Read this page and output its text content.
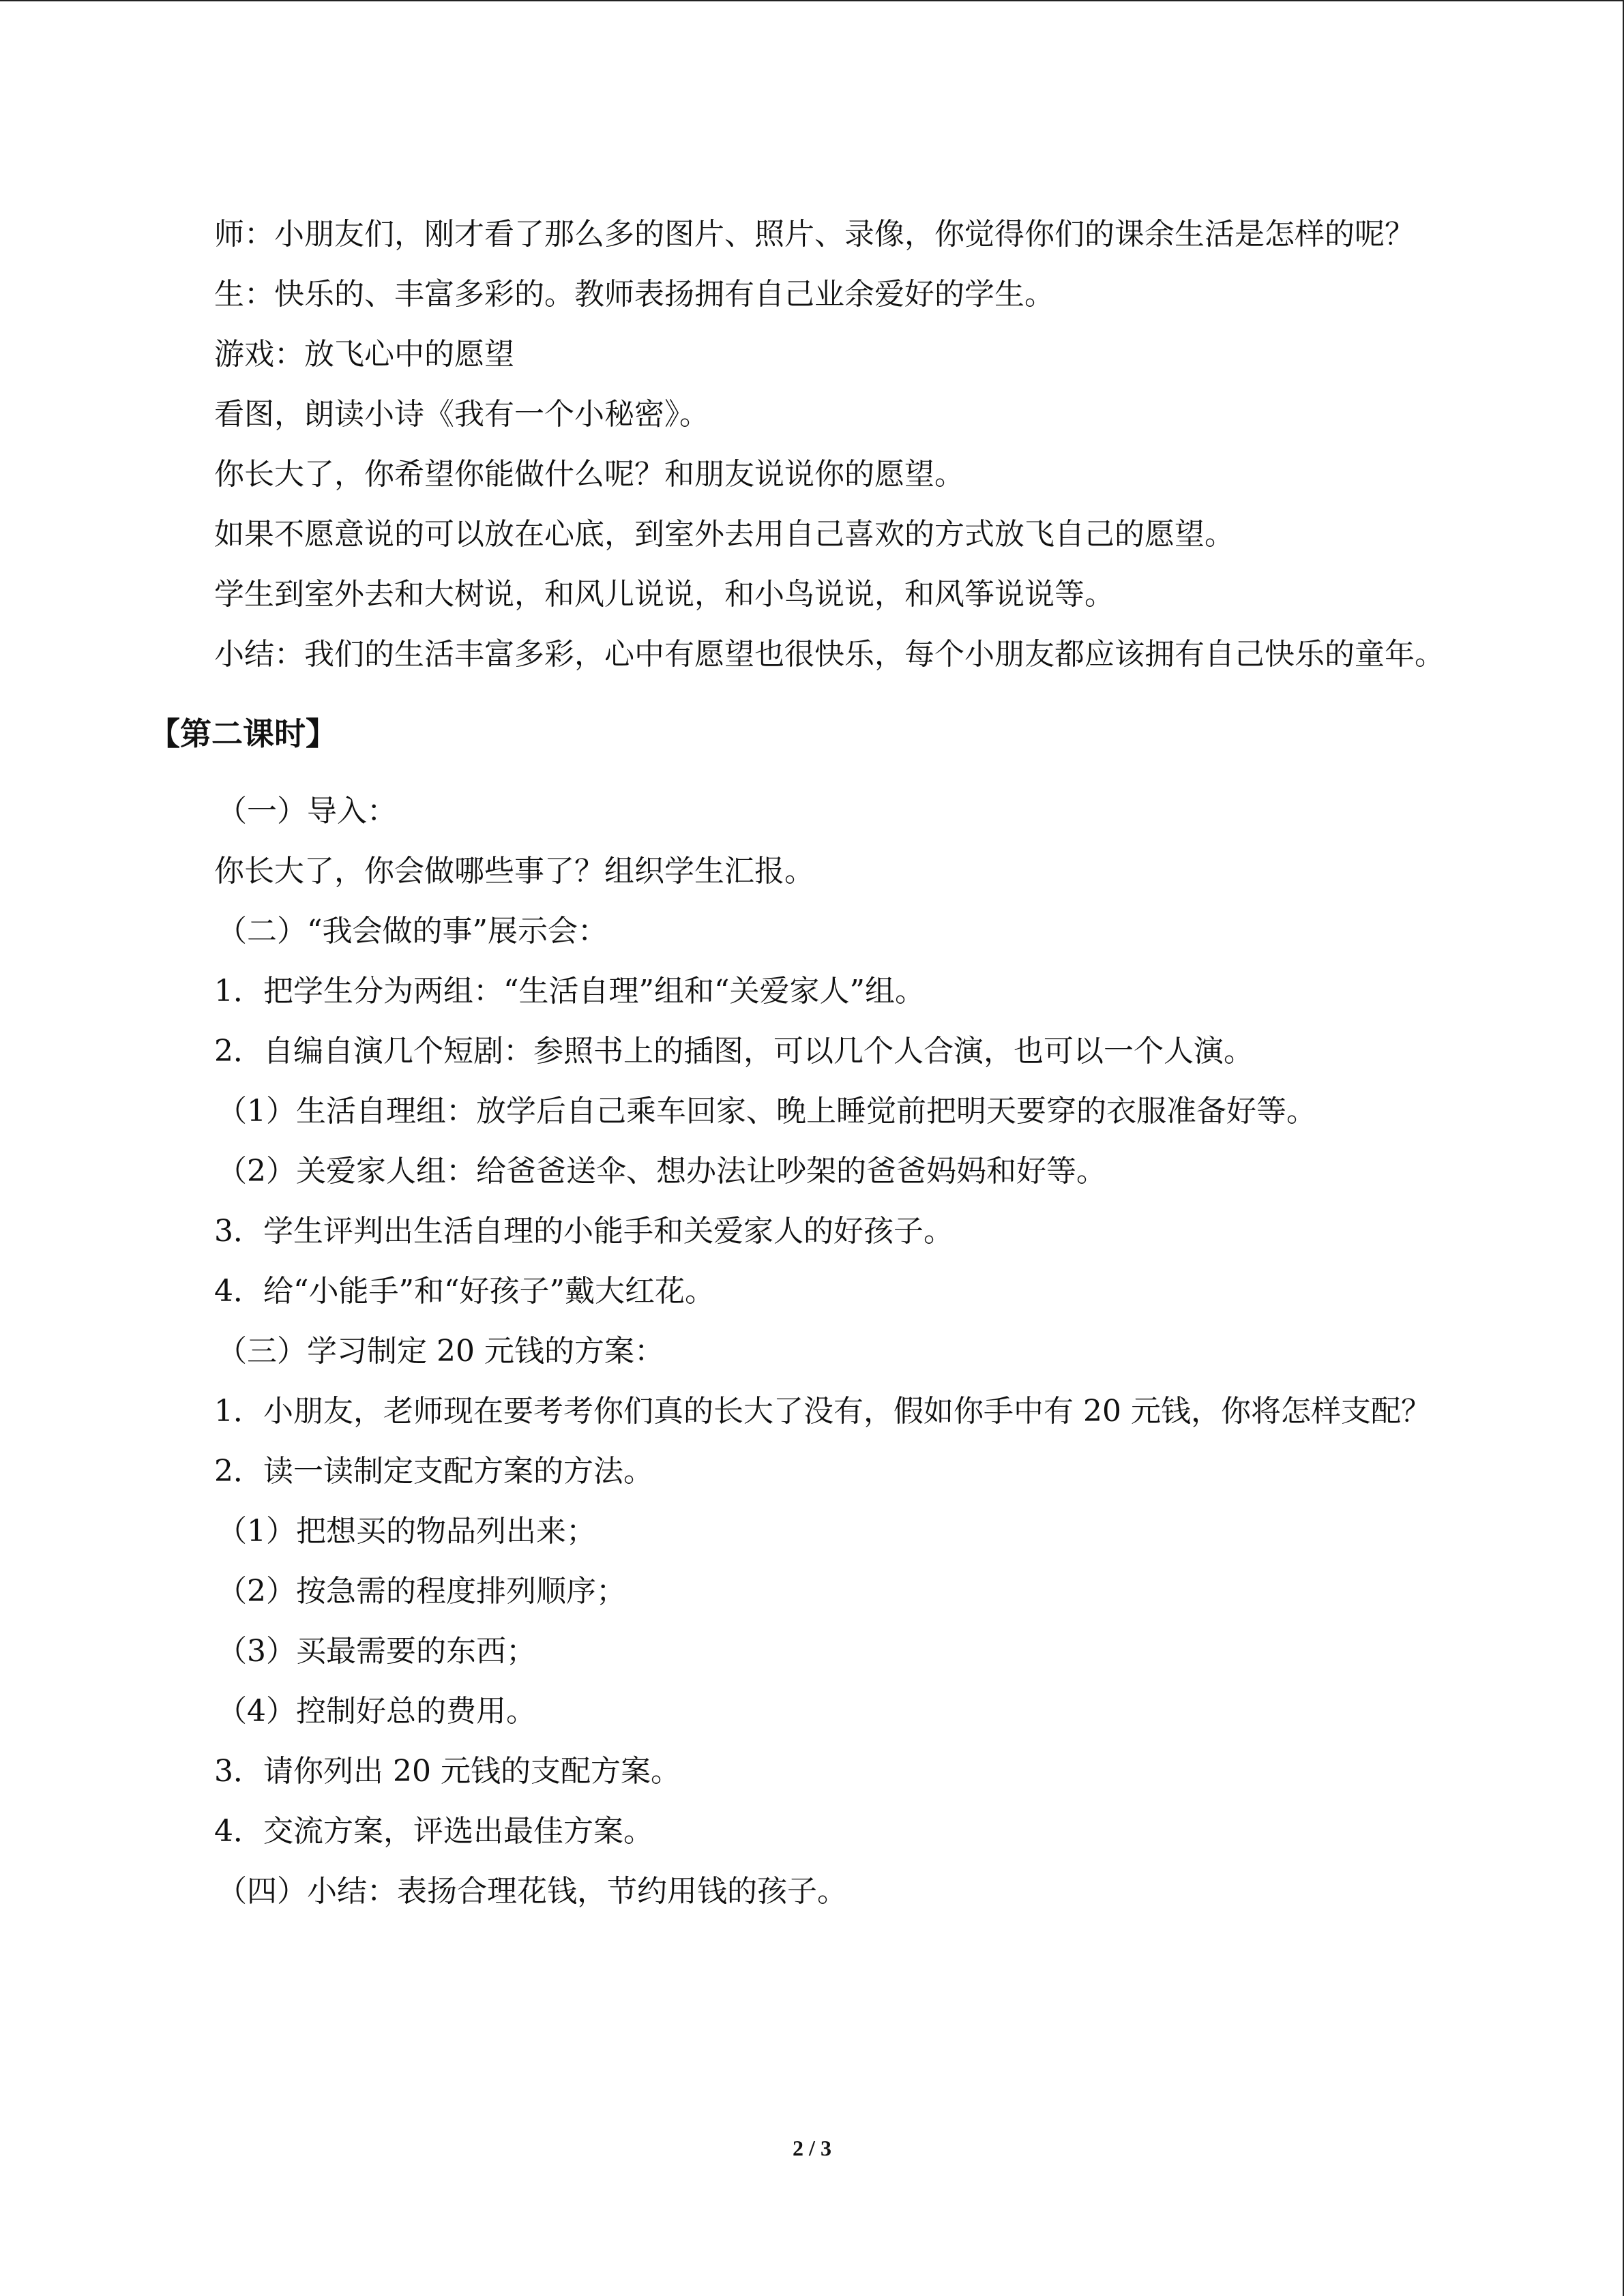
师：小朋友们，刚才看了那么多的图片、照片、录像，你觉得你们的课余生活是怎样的呢？

生：快乐的、丰富多彩的。教师表扬拥有自己业余爱好的学生。

游戏：放飞心中的愿望

看图，朗读小诗《我有一个小秘密》。

你长大了，你希望你能做什么呢？和朋友说说你的愿望。

如果不愿意说的可以放在心底，到室外去用自己喜欢的方式放飞自己的愿望。

学生到室外去和大树说，和风儿说说，和小鸟说说，和风筝说说等。

小结：我们的生活丰富多彩，心中有愿望也很快乐，每个小朋友都应该拥有自己快乐的童年。

【第二课时】

（一）导入：

你长大了，你会做哪些事了？组织学生汇报。

（二）“我会做的事”展示会：

1．把学生分为两组：“生活自理”组和“关爱家人”组。

2．自编自演几个短剧：参照书上的插图，可以几个人合演，也可以一个人演。

（1）生活自理组：放学后自己乘车回家、晚上睡觉前把明天要穿的衣服准备好等。

（2）关爱家人组：给爸爸送伞、想办法让吵架的爸爸妈妈和好等。

3．学生评判出生活自理的小能手和关爱家人的好孩子。

4．给“小能手”和“好孩子”戴大红花。

（三）学习制定 20 元钱的方案：

1．小朋友，老师现在要考考你们真的长大了没有，假如你手中有 20 元钱，你将怎样支配？

2．读一读制定支配方案的方法。

（1）把想买的物品列出来；

（2）按急需的程度排列顺序；

（3）买最需要的东西；

（4）控制好总的费用。

3．请你列出 20 元钱的支配方案。

4．交流方案，评选出最佳方案。

（四）小结：表扬合理花钱，节约用钱的孩子。

2 / 3
